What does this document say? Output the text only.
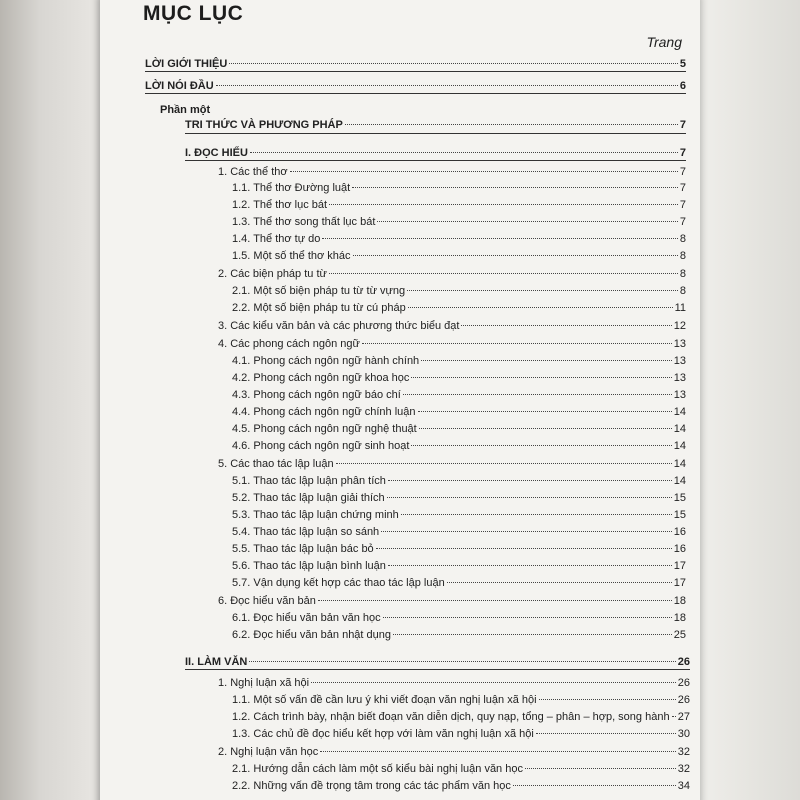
MỤC LỤC
Trang
LỜI GIỚI THIỆU	5
LỜI NÓI ĐẦU	6
TRI THỨC VÀ PHƯƠNG PHÁP	7
I. ĐỌC HIỂU	7
1. Các thể thơ	7
1.1. Thể thơ Đường luật	7
1.2. Thể thơ lục bát	7
1.3. Thể thơ song thất lục bát	7
1.4. Thể thơ tự do	8
1.5. Một số thể thơ khác	8
2. Các biện pháp tu từ	8
2.1. Một số biện pháp tu từ từ vựng	8
2.2. Một số biện pháp tu từ cú pháp	11
3. Các kiểu văn bản và các phương thức biểu đạt	12
4. Các phong cách ngôn ngữ	13
4.1. Phong cách ngôn ngữ hành chính	13
4.2. Phong cách ngôn ngữ khoa học	13
4.3. Phong cách ngôn ngữ báo chí	13
4.4. Phong cách ngôn ngữ chính luận	14
4.5. Phong cách ngôn ngữ nghệ thuật	14
4.6. Phong cách ngôn ngữ sinh hoạt	14
5. Các thao tác lập luận	14
5.1. Thao tác lập luận phân tích	14
5.2. Thao tác lập luận giải thích	15
5.3. Thao tác lập luận chứng minh	15
5.4. Thao tác lập luận so sánh	16
5.5. Thao tác lập luận bác bỏ	16
5.6. Thao tác lập luận bình luận	17
5.7. Vận dụng kết hợp các thao tác lập luận	17
6. Đọc hiểu văn bản	18
6.1. Đọc hiểu văn bản văn học	18
6.2. Đọc hiểu văn bản nhật dụng	25
II. LÀM VĂN	26
1. Nghị luận xã hội	26
1.1. Một số vấn đề cần lưu ý khi viết đoạn văn nghị luận xã hội	26
1.2. Cách trình bày, nhận biết đoạn văn diễn dịch, quy nạp, tổng – phân – hợp, song hành 27
1.3. Các chủ đề đọc hiểu kết hợp với làm văn nghị luận xã hội	30
2. Nghị luận văn học	32
2.1. Hướng dẫn cách làm một số kiểu bài nghị luận văn học	32
2.2. Những vấn đề trọng tâm trong các tác phẩm văn học	34
Phần một
